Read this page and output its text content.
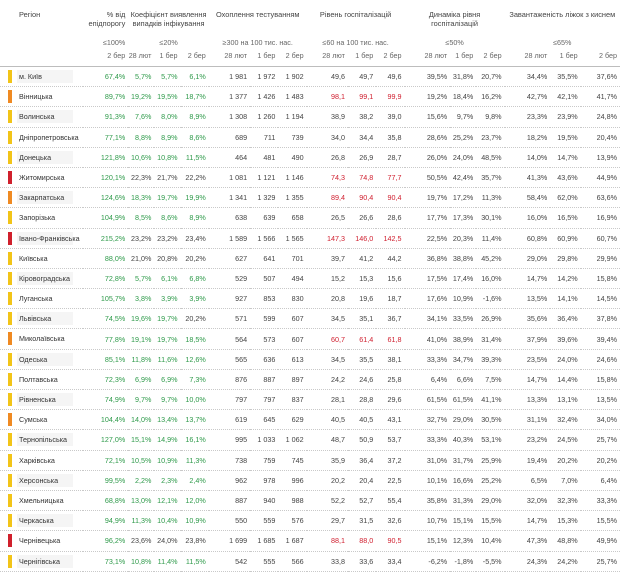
Регіон	% від епідпорогу	Коефіцієнт виявлення випадків інфікування			Охоплення тестуванням			Рівень госпіталізацій			Динаміка рівня госпіталізацій			Завантаженість ліжок з киснем		
	≤100%	≤20%			≥300 на 100 тис. нас.			≤60 на 100 тис. нас.			≤50%			≤65%		
	2 бер	28 лют	1 бер	2 бер	28 лют	1 бер	2 бер	28 лют	1 бер	2 бер	28 лют	1 бер	2 бер	28 лют	1 бер	2 бер

м. Київ	67,4%	5,7%	5,7%	6,1%	1 981	1 972	1 902	49,6	49,7	49,6	39,5%	31,8%	20,7%	34,4%	35,5%	37,6%

Вінницька	89,7%	19,2%	19,5%	18,7%	1 377	1 426	1 483	98,1	99,1	99,9	19,2%	18,4%	16,2%	42,7%	42,1%	41,7%

Волинська	91,3%	7,6%	8,0%	8,9%	1 308	1 260	1 194	38,9	38,2	39,0	15,6%	9,7%	9,8%	23,3%	23,9%	24,8%

Дніпропетровська	77,1%	8,8%	8,9%	8,6%	689	711	739	34,0	34,4	35,8	28,6%	25,2%	23,7%	18,2%	19,5%	20,4%

Донецька	121,8%	10,6%	10,8%	11,5%	464	481	490	26,8	26,9	28,7	26,0%	24,0%	48,5%	14,0%	14,7%	13,9%

Житомирська	120,1%	22,3%	21,7%	22,2%	1 081	1 121	1 146	74,3	74,8	77,7	50,5%	42,4%	35,7%	41,3%	43,6%	44,9%

Закарпатська	124,6%	18,3%	19,7%	19,9%	1 341	1 329	1 355	89,4	90,4	90,4	19,7%	17,2%	11,3%	58,4%	62,0%	63,6%

Запорізька	104,9%	8,5%	8,6%	8,9%	638	639	658	26,5	26,6	28,6	17,7%	17,3%	30,1%	16,0%	16,5%	16,9%

Івано-Франківська	215,2%	23,2%	23,2%	23,4%	1 589	1 566	1 565	147,3	146,0	142,5	22,5%	20,3%	11,4%	60,8%	60,9%	60,7%

Київська	88,0%	21,0%	20,8%	20,2%	627	641	701	39,7	41,2	44,2	36,8%	38,8%	45,2%	29,0%	29,8%	29,9%

Кіровоградська	72,8%	5,7%	6,1%	6,8%	529	507	494	15,2	15,3	15,6	17,5%	17,4%	16,0%	14,7%	14,2%	15,8%

Луганська	105,7%	3,8%	3,9%	3,9%	927	853	830	20,8	19,6	18,7	17,6%	10,9%	-1,6%	13,5%	14,1%	14,5%

Львівська	74,5%	19,6%	19,7%	20,2%	571	599	607	34,5	35,1	36,7	34,1%	33,5%	26,9%	35,6%	36,4%	37,8%

Миколаївська	77,8%	19,1%	19,7%	18,5%	564	573	607	60,7	61,4	61,8	41,0%	38,9%	31,4%	37,9%	39,6%	39,4%

Одеська	85,1%	11,8%	11,6%	12,6%	565	636	613	34,5	35,5	38,1	33,3%	34,7%	39,3%	23,5%	24,0%	24,6%

Полтавська	72,3%	6,9%	6,9%	7,3%	876	887	897	24,2	24,6	25,8	6,4%	6,6%	7,5%	14,7%	14,4%	15,8%

Рівненська	74,9%	9,7%	9,7%	10,0%	797	797	837	28,1	28,8	29,6	61,5%	61,5%	41,1%	13,3%	13,1%	13,5%

Сумська	104,4%	14,0%	13,4%	13,7%	619	645	629	40,5	40,5	43,1	32,7%	29,0%	30,5%	31,1%	32,4%	34,0%

Тернопільська	127,0%	15,1%	14,9%	16,1%	995	1 033	1 062	48,7	50,9	53,7	33,3%	40,3%	53,1%	23,2%	24,5%	25,7%

Харківська	72,1%	10,5%	10,9%	11,3%	738	759	745	35,9	36,4	37,2	31,0%	31,7%	25,9%	19,4%	20,2%	20,2%

Херсонська	99,5%	2,2%	2,3%	2,4%	962	978	996	20,2	20,4	22,5	10,1%	16,6%	25,2%	6,5%	7,0%	6,4%

Хмельницька	68,8%	13,0%	12,1%	12,0%	887	940	988	52,2	52,7	55,4	35,8%	31,3%	29,0%	32,0%	32,3%	33,3%

Черкаська	94,9%	11,3%	10,4%	10,9%	550	559	576	29,7	31,5	32,6	10,7%	15,1%	15,5%	14,7%	15,3%	15,5%

Чернівецька	96,2%	23,6%	24,0%	23,8%	1 699	1 685	1 687	88,1	88,0	90,5	15,1%	12,3%	10,4%	47,3%	48,8%	49,9%

Чернігівська	73,1%	10,8%	11,4%	11,5%	542	555	566	33,8	33,6	33,4	-6,2%	-1,8%	-5,5%	24,3%	24,2%	25,7%
